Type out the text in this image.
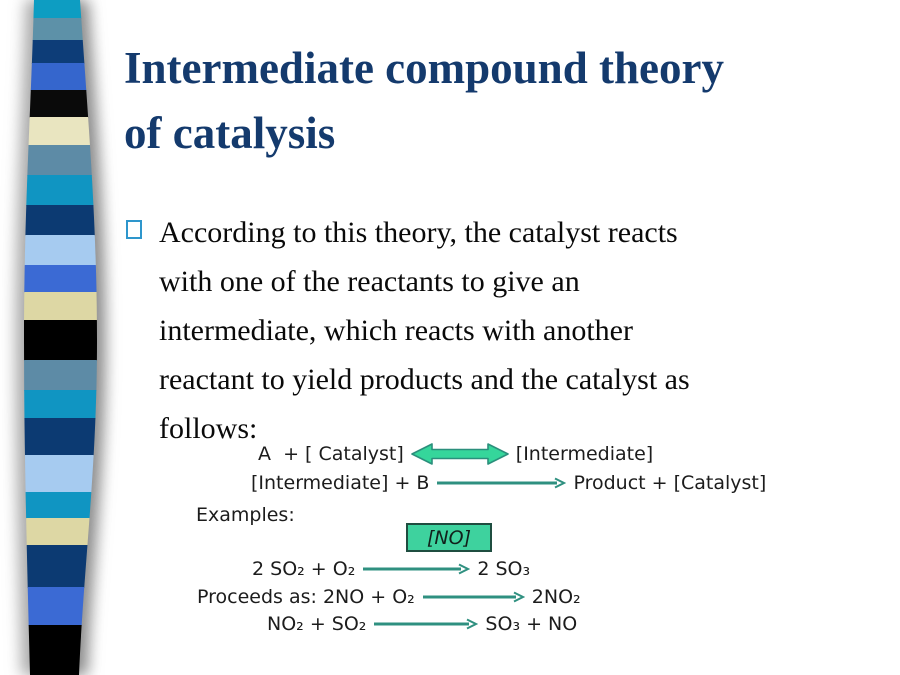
Intermediate compound theory
of catalysis
According to this theory, the catalyst reacts
with one of the reactants to give an
intermediate, which reacts with another
reactant to yield products and the catalyst as
follows:
A  + [ Catalyst]	[Intermediate]
[Intermediate] + B	Product + [Catalyst]
Examples:
[NO]
2 SO₂ + O₂	2 SO₃
Proceeds as: 2NO + O₂	2NO₂
NO₂ + SO₂	SO₃ + NO
